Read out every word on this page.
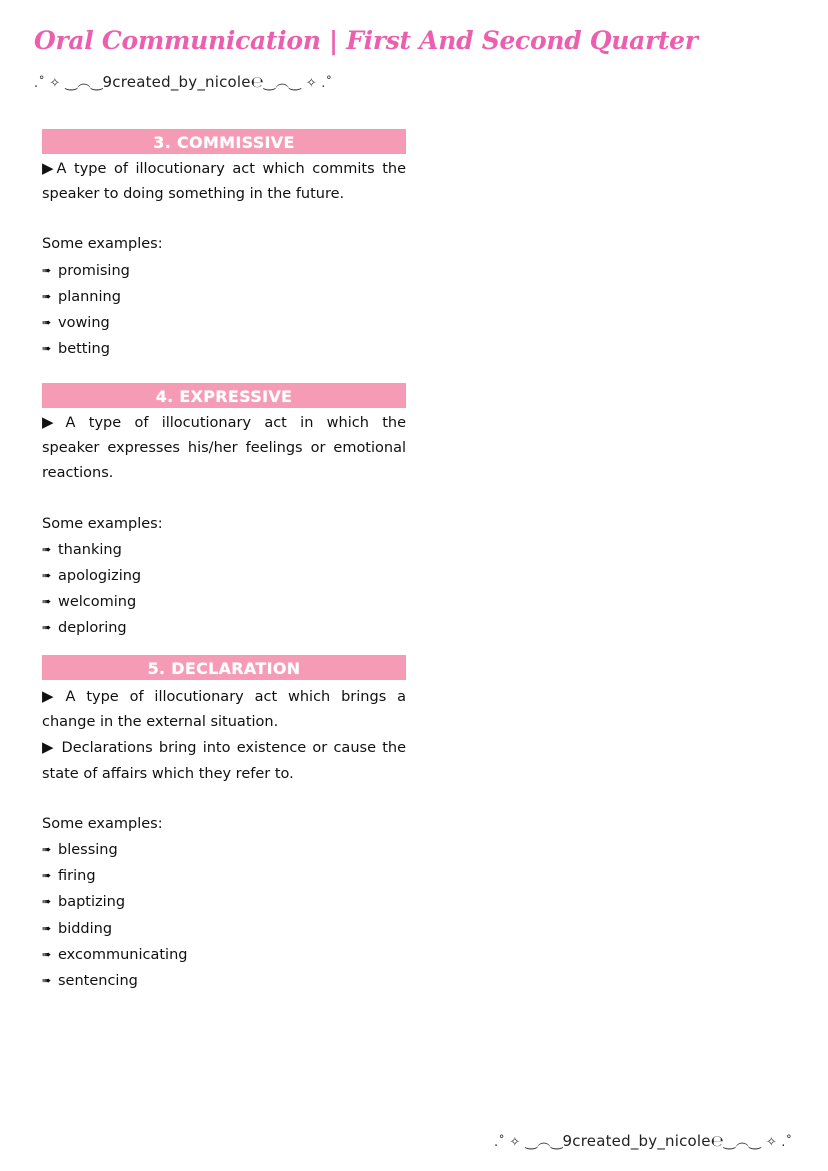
Oral Communication | First And Second Quarter
.˚ ✧ ‿︵‿9created_by_nicole℮‿︵‿ ✧ .˚
3. COMMISSIVE

▶ A type of illocutionary act which commits the speaker to doing something in the future.

Some examples:
➠ promising
➠ planning
➠ vowing
➠ betting
4. EXPRESSIVE

▶ A type of illocutionary act in which the speaker expresses his/her feelings or emotional reactions.

Some examples:
➠ thanking
➠ apologizing
➠ welcoming
➠ deploring
5. DECLARATION

▶ A type of illocutionary act which brings a change in the external situation.

▶ Declarations bring into existence or cause the state of affairs which they refer to.

Some examples:
➠ blessing
➠ firing
➠ baptizing
➠ bidding
➠ excommunicating
➠ sentencing
.˚ ✧ ‿︵‿9created_by_nicole℮‿︵‿ ✧ .˚
